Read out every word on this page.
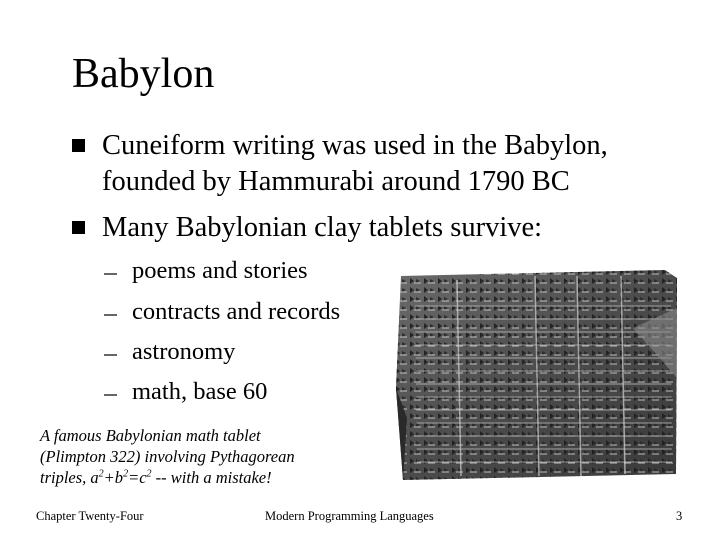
Babylon
Cuneiform writing was used in the Babylon,
founded by Hammurabi around 1790 BC
Many Babylonian clay tablets survive:
poems and stories
contracts and records
astronomy
math, base 60
A famous Babylonian math tablet
(Plimpton 322) involving Pythagorean
triples, $a^2+b^2=c^2$ -- with a mistake!
Chapter Twenty-Four	Modern Programming Languages	3
